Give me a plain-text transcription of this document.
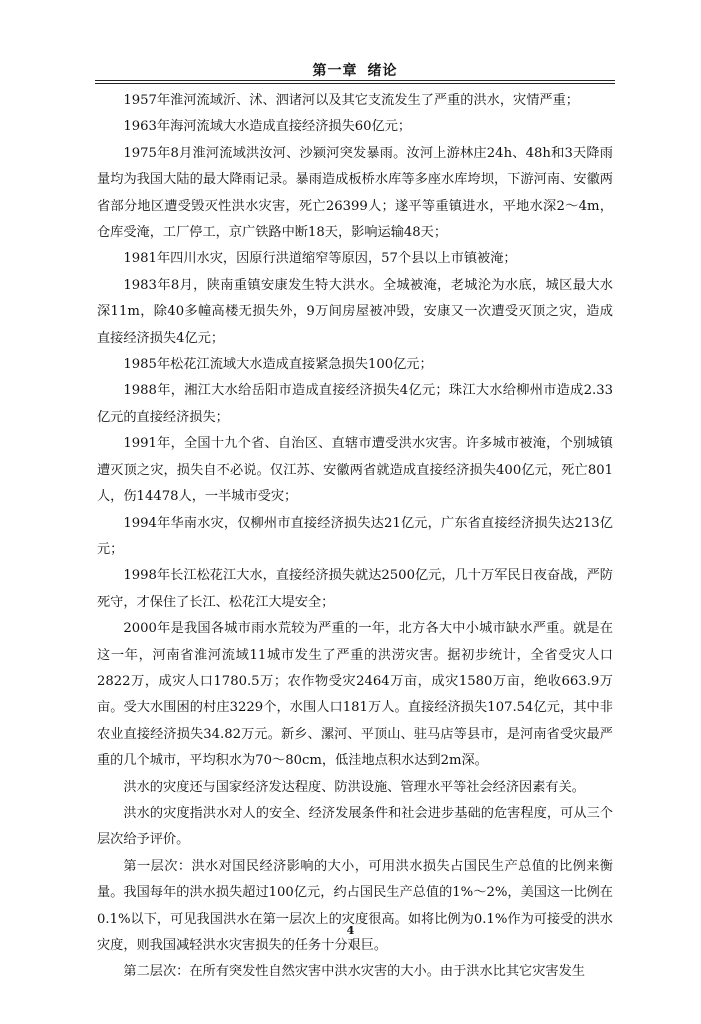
第一章 绪论

1957年淮河流域沂、沭、泗诸河以及其它支流发生了严重的洪水，灾情严重；

1963年海河流域大水造成直接经济损失60亿元；

1975年8月淮河流域洪汝河、沙颍河突发暴雨。汝河上游林庄24h、48h和3天降雨量均为我国大陆的最大降雨记录。暴雨造成板桥水库等多座水库垮坝，下游河南、安徽两省部分地区遭受毁灭性洪水灾害，死亡26399人；遂平等重镇进水，平地水深2～4m，仓库受淹，工厂停工，京广铁路中断18天，影响运输48天；

1981年四川水灾，因原行洪道缩窄等原因，57个县以上市镇被淹；

1983年8月，陕南重镇安康发生特大洪水。全城被淹，老城沦为水底，城区最大水深11m，除40多幢高楼无损失外，9万间房屋被冲毁，安康又一次遭受灭顶之灾，造成直接经济损失4亿元；

1985年松花江流域大水造成直接紧急损失100亿元；

1988年，湘江大水给岳阳市造成直接经济损失4亿元；珠江大水给柳州市造成2.33亿元的直接经济损失；

1991年，全国十九个省、自治区、直辖市遭受洪水灾害。许多城市被淹，个别城镇遭灭顶之灾，损失自不必说。仅江苏、安徽两省就造成直接经济损失400亿元，死亡801人，伤14478人，一半城市受灾；

1994年华南水灾，仅柳州市直接经济损失达21亿元，广东省直接经济损失达213亿元；

1998年长江松花江大水，直接经济损失就达2500亿元，几十万军民日夜奋战，严防死守，才保住了长江、松花江大堤安全；

2000年是我国各城市雨水荒较为严重的一年，北方各大中小城市缺水严重。就是在这一年，河南省淮河流域11城市发生了严重的洪涝灾害。据初步统计，全省受灾人口2822万，成灾人口1780.5万；农作物受灾2464万亩，成灾1580万亩，绝收663.9万亩。受大水围困的村庄3229个，水围人口181万人。直接经济损失107.54亿元，其中非农业直接经济损失34.82万元。新乡、漯河、平顶山、驻马店等县市，是河南省受灾最严重的几个城市，平均积水为70～80cm，低洼地点积水达到2m深。

洪水的灾度还与国家经济发达程度、防洪设施、管理水平等社会经济因素有关。

洪水的灾度指洪水对人的安全、经济发展条件和社会进步基础的危害程度，可从三个层次给予评价。

第一层次：洪水对国民经济影响的大小，可用洪水损失占国民生产总值的比例来衡量。我国每年的洪水损失超过100亿元，约占国民生产总值的1%～2%，美国这一比例在0.1%以下，可见我国洪水在第一层次上的灾度很高。如将比例为0.1%作为可接受的洪水灾度，则我国减轻洪水灾害损失的任务十分艰巨。

第二层次：在所有突发性自然灾害中洪水灾害的大小。由于洪水比其它灾害发生

4
